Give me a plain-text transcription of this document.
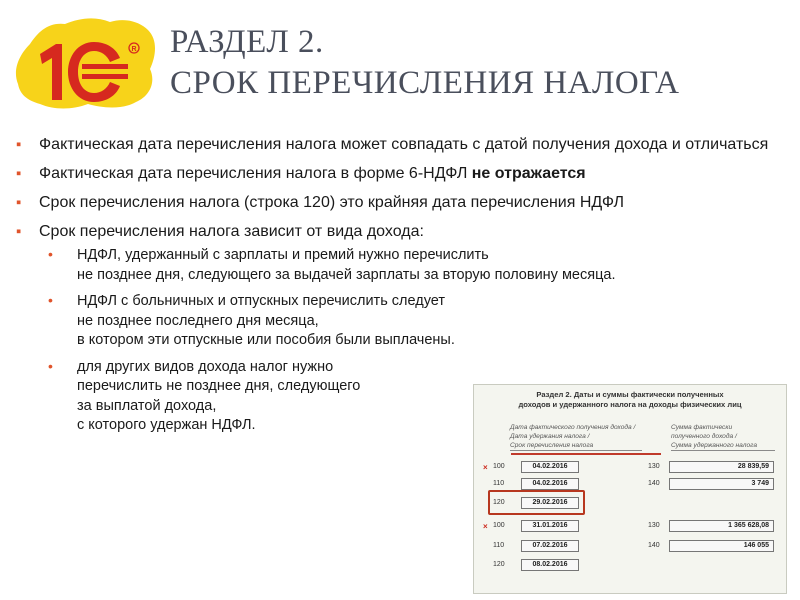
R РАЗДЕЛ 2.
СРОК ПЕРЕЧИСЛЕНИЯ НАЛОГА
▪ Фактическая дата перечисления налога может совпадать с датой получения дохода и отличаться
▪ Фактическая дата перечисления налога в форме 6-НДФЛ не отражается
▪ Срок перечисления налога (строка 120) это крайняя дата перечисления НДФЛ
▪ Срок перечисления налога зависит от вида дохода:
• НДФЛ, удержанный с зарплаты и премий нужно перечислить
не позднее дня, следующего за выдачей зарплаты за вторую половину месяца.
• НДФЛ с больничных и отпускных перечислить следует
не позднее последнего дня месяца,
в котором эти отпускные или пособия были выплачены.
• для других видов дохода налог нужно
перечислить не позднее дня, следующего
за выплатой дохода,
с которого удержан НДФЛ.
Раздел 2. Даты и суммы фактически полученных
доходов и удержанного налога на доходы физических лиц
Дата фактического получения дохода /
Дата удержания налога /
Срок перечисления налога
Сумма фактически
полученного дохода /
Сумма удержанного налога
× 100	04.02.2016	130	28 839,59
110	04.02.2016	140	3 749
120	29.02.2016
× 100	31.01.2016	130	1 365 628,08
110	07.02.2016	140	146 055
120	08.02.2016
